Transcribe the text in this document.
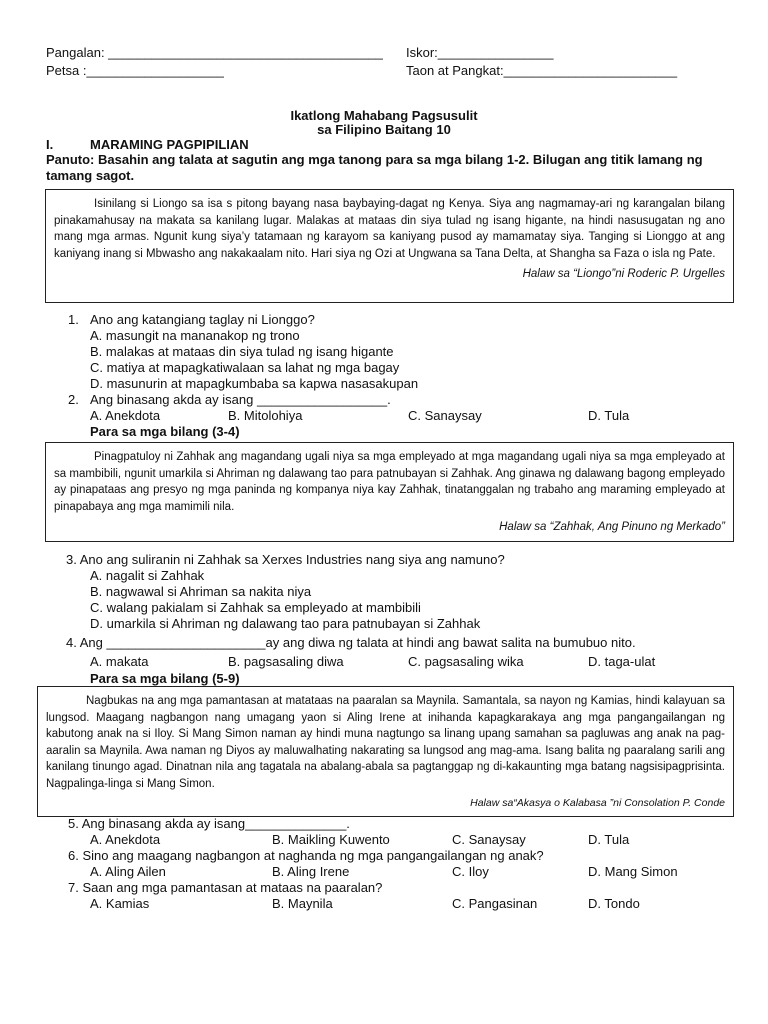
Pangalan: ______________________________________ Iskor:________________
Petsa :___________________	Taon at Pangkat:________________________
Ikatlong Mahabang Pagsusulit
sa Filipino Baitang 10
I.	MARAMING PAGPIPILIAN
Panuto: Basahin ang talata at sagutin ang mga tanong para sa mga bilang 1-2. Bilugan ang titik lamang ng
tamang sagot.

Isinilang si Liongo sa isa s pitong bayang nasa baybaying-dagat ng Kenya. Siya ang nagmamay-ari ng karangalan bilang pinakamahusay na makata sa kanilang lugar. Malakas at mataas din siya tulad ng isang higante, na hindi nasusugatan ng ano mang mga armas. Ngunit kung siya’y tatamaan ng karayom sa kaniyang pusod ay mamamatay siya. Tanging si Lionggo at ang kaniyang inang si Mbwasho ang nakakaalam nito. Hari siya ng Ozi at Ungwana sa Tana Delta, at Shangha sa Faza o isla ng Pate.

Halaw sa “Liongo”ni Roderic P. Urgelles
1. Ano ang katangiang taglay ni Lionggo?
A. masungit na mananakop ng trono
B. malakas at mataas din siya tulad ng isang higante
C. matiya at mapagkatiwalaan sa lahat ng mga bagay
D. masunurin at mapagkumbaba sa kapwa nasasakupan
2. Ang binasang akda ay isang __________________.
A. Anekdota	B. Mitolohiya	C. Sanaysay	D. Tula
Para sa mga bilang (3-4)

Pinagpatuloy ni Zahhak ang magandang ugali niya sa mga empleyado at mga magandang ugali niya sa mga empleyado at sa mambibili, ngunit umarkila si Ahriman ng dalawang tao para patnubayan si Zahhak. Ang ginawa ng dalawang bagong empleyado ay pinapataas ang presyo ng mga paninda ng kompanya niya kay Zahhak, tinatanggalan ng trabaho ang maraming empleyado at pinapabaya ang mga mamimili nila.

Halaw sa “Zahhak, Ang Pinuno ng Merkado”
3. Ano ang suliranin ni Zahhak sa Xerxes Industries nang siya ang namuno?
A. nagalit si Zahhak
B. nagwawal si Ahriman sa nakita niya
C. walang pakialam si Zahhak sa empleyado at mambibili
D. umarkila si Ahriman ng dalawang tao para patnubayan si Zahhak
4. Ang ______________________ay ang diwa ng talata at hindi ang bawat salita na bumubuo nito.
A. makata	B. pagsasaling diwa	C. pagsasaling wika	D. taga-ulat
Para sa mga bilang (5-9)

Nagbukas na ang mga pamantasan at matataas na paaralan sa Maynila. Samantala, sa nayon ng Kamias, hindi kalayuan sa lungsod. Maagang nagbangon nang umagang yaon si Aling Irene at inihanda kapagkarakaya ang mga pangangailangan ng kabutong anak na si Iloy. Si Mang Simon naman ay hindi muna nagtungo sa linang upang samahan sa pagluwas ang anak na pag-aaralin sa Maynila. Awa naman ng Diyos ay maluwalhating nakarating sa lungsod ang mag-ama. Isang balita ng paaralang sarili ang kanilang tinungo agad. Dinatnan nila ang tagatala na abalang-abala sa pagtanggap ng di-kakaunting mga batang nagsisipagprisinta. Nagpalinga-linga si Mang Simon.

Halaw sa“Akasya o Kalabasa ”ni Consolation P. Conde
5. Ang binasang akda ay isang______________.
A. Anekdota	B. Maikling Kuwento	C. Sanaysay	D. Tula
6. Sino ang maagang nagbangon at naghanda ng mga pangangailangan ng anak?
A. Aling Ailen	B. Aling Irene	C. Iloy	D. Mang Simon
7. Saan ang mga pamantasan at mataas na paaralan?
A. Kamias	B. Maynila	C. Pangasinan	D. Tondo
